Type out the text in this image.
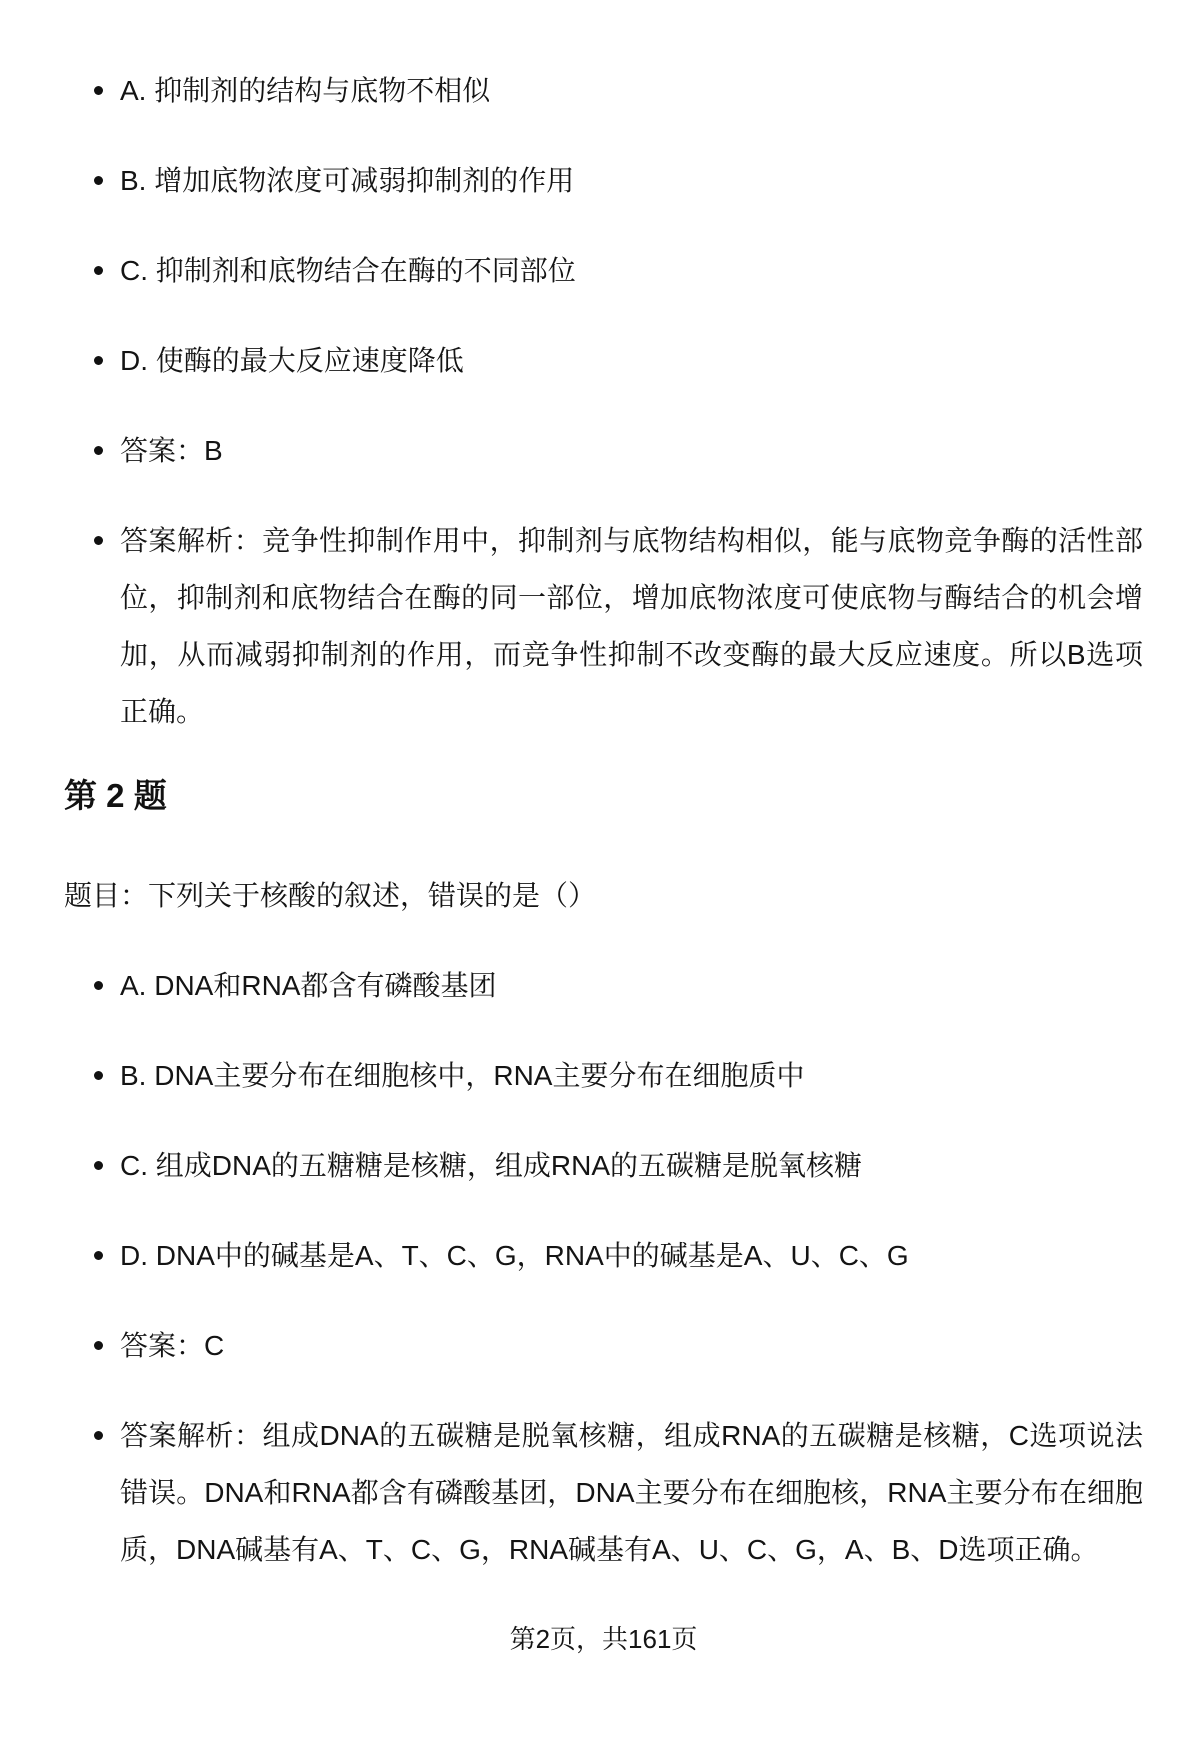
A. 抑制剂的结构与底物不相似
B. 增加底物浓度可减弱抑制剂的作用
C. 抑制剂和底物结合在酶的不同部位
D. 使酶的最大反应速度降低
答案：B
答案解析：竞争性抑制作用中，抑制剂与底物结构相似，能与底物竞争酶的活性部位，抑制剂和底物结合在酶的同一部位，增加底物浓度可使底物与酶结合的机会增加，从而减弱抑制剂的作用，而竞争性抑制不改变酶的最大反应速度。所以B选项正确。
第 2 题

题目：下列关于核酸的叙述，错误的是（）

A. DNA和RNA都含有磷酸基团
B. DNA主要分布在细胞核中，RNA主要分布在细胞质中
C. 组成DNA的五糖糖是核糖，组成RNA的五碳糖是脱氧核糖
D. DNA中的碱基是A、T、C、G，RNA中的碱基是A、U、C、G
答案：C
答案解析：组成DNA的五碳糖是脱氧核糖，组成RNA的五碳糖是核糖，C选项说法错误。DNA和RNA都含有磷酸基团，DNA主要分布在细胞核，RNA主要分布在细胞质，DNA碱基有A、T、C、G，RNA碱基有A、U、C、G，A、B、D选项正确。
第2页，共161页
